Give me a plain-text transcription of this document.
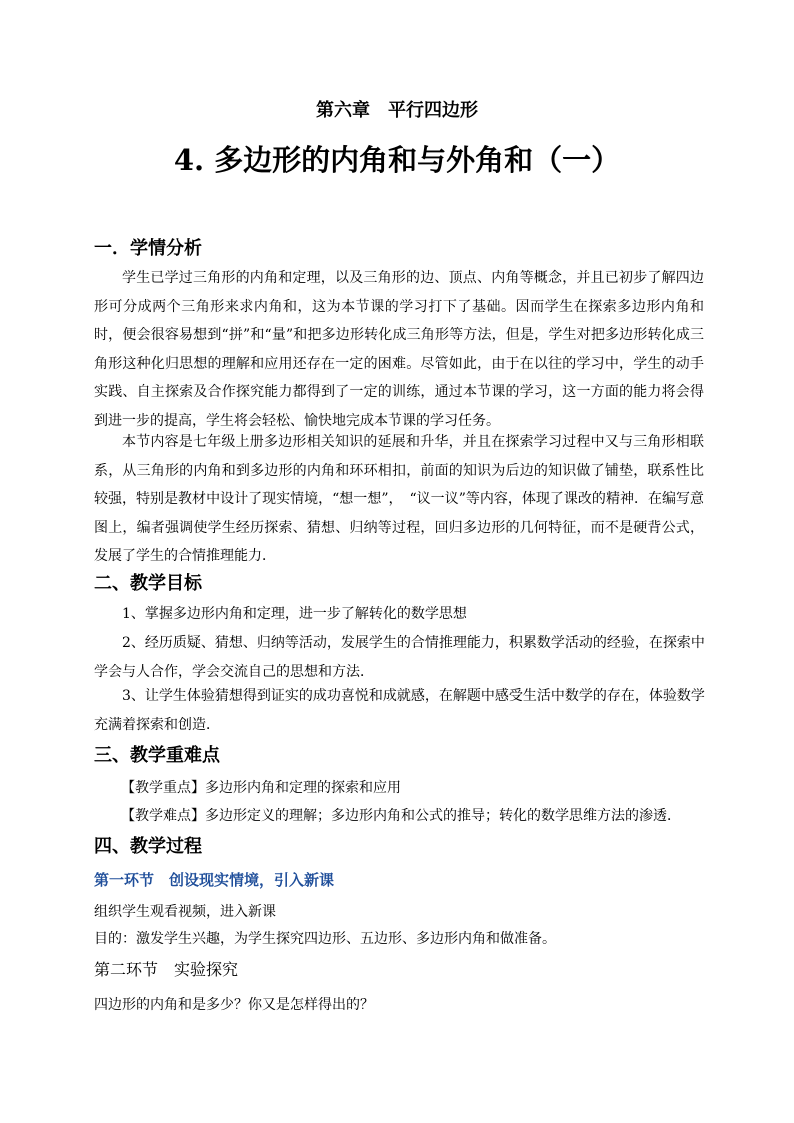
第六章　平行四边形
4. 多边形的内角和与外角和（一）
一．学情分析
学生已学过三角形的内角和定理，以及三角形的边、顶点、内角等概念，并且已初步了解四边形可分成两个三角形来求内角和，这为本节课的学习打下了基础。因而学生在探索多边形内角和时，便会很容易想到“拼”和“量”和把多边形转化成三角形等方法，但是，学生对把多边形转化成三角形这种化归思想的理解和应用还存在一定的困难。尽管如此，由于在以往的学习中，学生的动手实践、自主探索及合作探究能力都得到了一定的训练，通过本节课的学习，这一方面的能力将会得到进一步的提高，学生将会轻松、愉快地完成本节课的学习任务。
本节内容是七年级上册多边形相关知识的延展和升华，并且在探索学习过程中又与三角形相联系，从三角形的内角和到多边形的内角和环环相扣，前面的知识为后边的知识做了铺垫，联系性比较强，特别是教材中设计了现实情境，“想一想”，　“议一议”等内容，体现了课改的精神．在编写意图上，编者强调使学生经历探索、猜想、归纳等过程，回归多边形的几何特征，而不是硬背公式，发展了学生的合情推理能力．
二、教学目标
1、掌握多边形内角和定理，进一步了解转化的数学思想
2、经历质疑、猜想、归纳等活动，发展学生的合情推理能力，积累数学活动的经验，在探索中学会与人合作，学会交流自己的思想和方法．
3、让学生体验猜想得到证实的成功喜悦和成就感，在解题中感受生活中数学的存在，体验数学充满着探索和创造．
三、教学重难点
【教学重点】多边形内角和定理的探索和应用
【教学难点】多边形定义的理解；多边形内角和公式的推导；转化的数学思维方法的渗透．
四、教学过程
第一环节　创设现实情境，引入新课
组织学生观看视频，进入新课
目的：激发学生兴趣，为学生探究四边形、五边形、多边形内角和做准备。
第二环节　实验探究
四边形的内角和是多少？你又是怎样得出的？
